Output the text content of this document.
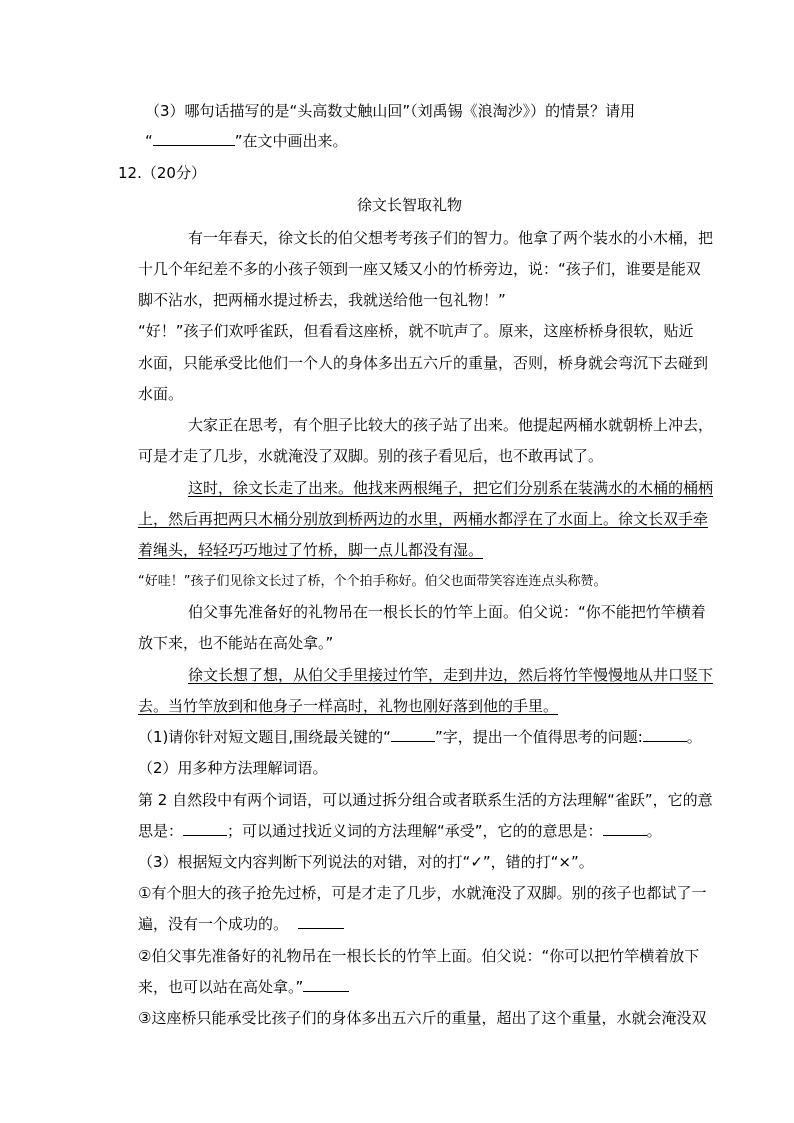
（3）哪句话描写的是“头高数丈触山回”（刘禹锡《浪淘沙》）的情景？请用
“	”在文中画出来。
12.（20分）
徐文长智取礼物
有一年春天，徐文长的伯父想考考孩子们的智力。他拿了两个装水的小木桶，把
十几个年纪差不多的小孩子领到一座又矮又小的竹桥旁边，说：“孩子们，谁要是能双
脚不沾水，把两桶水提过桥去，我就送给他一包礼物！”
“好！”孩子们欢呼雀跃，但看看这座桥，就不吭声了。原来，这座桥桥身很软，贴近
水面，只能承受比他们一个人的身体多出五六斤的重量，否则，桥身就会弯沉下去碰到
水面。
大家正在思考，有个胆子比较大的孩子站了出来。他提起两桶水就朝桥上冲去，
可是才走了几步，水就淹没了双脚。别的孩子看见后，也不敢再试了。
这时，徐文长走了出来。他找来两根绳子，把它们分别系在装满水的木桶的桶柄
上，然后再把两只木桶分别放到桥两边的水里，两桶水都浮在了水面上。徐文长双手牵
着绳头，轻轻巧巧地过了竹桥，脚一点儿都没有湿。
“好哇！”孩子们见徐文长过了桥，个个拍手称好。伯父也面带笑容连连点头称赞。
伯父事先准备好的礼物吊在一根长长的竹竿上面。伯父说：“你不能把竹竿横着
放下来，也不能站在高处拿。”
徐文长想了想，从伯父手里接过竹竿，走到井边，然后将竹竿慢慢地从井口竖下
去。当竹竿放到和他身子一样高时，礼物也刚好落到他的手里。
（1)请你针对短文题目,围绕最关键的“	”字，提出一个值得思考的问题:	。
（2）用多种方法理解词语。
第 2 自然段中有两个词语，可以通过拆分组合或者联系生活的方法理解“雀跃”，它的意
思是：	；可以通过找近义词的方法理解“承受”，它的的意思是：	。
（3）根据短文内容判断下列说法的对错，对的打“✓”，错的打“×”。
①有个胆大的孩子抢先过桥，可是才走了几步，水就淹没了双脚。别的孩子也都试了一
遍，没有一个成功的。
②伯父事先准备好的礼物吊在一根长长的竹竿上面。伯父说：“你可以把竹竿横着放下
来，也可以站在高处拿。”
③这座桥只能承受比孩子们的身体多出五六斤的重量，超出了这个重量，水就会淹没双
